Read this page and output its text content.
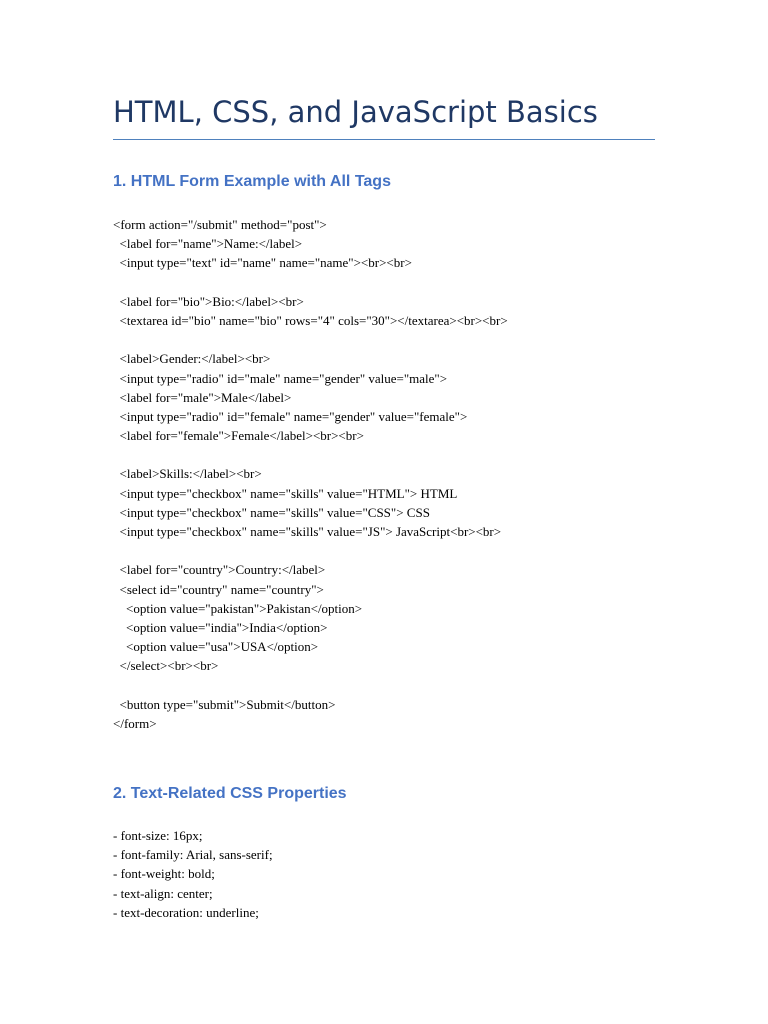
HTML, CSS, and JavaScript Basics
1. HTML Form Example with All Tags
<form action="/submit" method="post">
<label for="name">Name:</label>
<input type="text" id="name" name="name"><br><br>
<label for="bio">Bio:</label><br>
<textarea id="bio" name="bio" rows="4" cols="30"></textarea><br><br>
<label>Gender:</label><br>
<input type="radio" id="male" name="gender" value="male">
<label for="male">Male</label>
<input type="radio" id="female" name="gender" value="female">
<label for="female">Female</label><br><br>
<label>Skills:</label><br>
<input type="checkbox" name="skills" value="HTML"> HTML
<input type="checkbox" name="skills" value="CSS"> CSS
<input type="checkbox" name="skills" value="JS"> JavaScript<br><br>
<label for="country">Country:</label>
<select id="country" name="country">
<option value="pakistan">Pakistan</option>
<option value="india">India</option>
<option value="usa">USA</option>
</select><br><br>
<button type="submit">Submit</button>
</form>
2. Text-Related CSS Properties
- font-size: 16px;
- font-family: Arial, sans-serif;
- font-weight: bold;
- text-align: center;
- text-decoration: underline;
